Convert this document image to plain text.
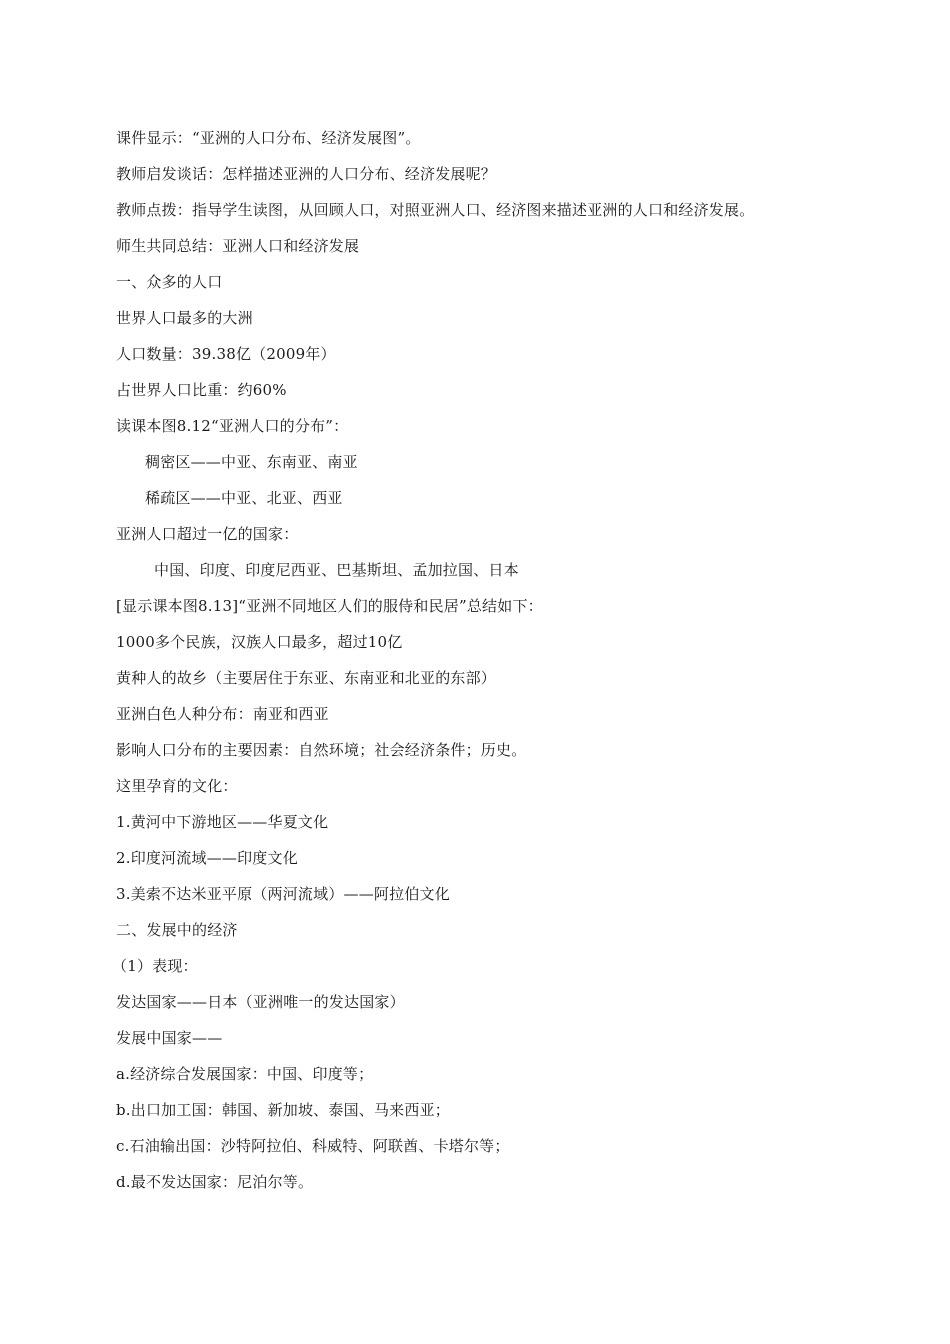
课件显示：“亚洲的人口分布、经济发展图”。
教师启发谈话：怎样描述亚洲的人口分布、经济发展呢？
教师点拨：指导学生读图，从回顾人口，对照亚洲人口、经济图来描述亚洲的人口和经济发展。
师生共同总结：亚洲人口和经济发展
一、众多的人口
世界人口最多的大洲
人口数量：39.38亿（2009年）
占世界人口比重：约60%
读课本图8.12“亚洲人口的分布”：
稠密区——中亚、东南亚、南亚
稀疏区——中亚、北亚、西亚
亚洲人口超过一亿的国家：
中国、印度、印度尼西亚、巴基斯坦、孟加拉国、日本
[显示课本图8.13]“亚洲不同地区人们的服侍和民居”总结如下：
1000多个民族，汉族人口最多，超过10亿
黄种人的故乡（主要居住于东亚、东南亚和北亚的东部）
亚洲白色人种分布：南亚和西亚
影响人口分布的主要因素：自然环境；社会经济条件；历史。
这里孕育的文化：
1.黄河中下游地区——华夏文化
2.印度河流域——印度文化
3.美索不达米亚平原（两河流域）——阿拉伯文化
二、发展中的经济
（1）表现：
发达国家——日本（亚洲唯一的发达国家）
发展中国家——
a.经济综合发展国家：中国、印度等；
b.出口加工国：韩国、新加坡、泰国、马来西亚；
c.石油输出国：沙特阿拉伯、科威特、阿联酋、卡塔尔等；
d.最不发达国家：尼泊尔等。
